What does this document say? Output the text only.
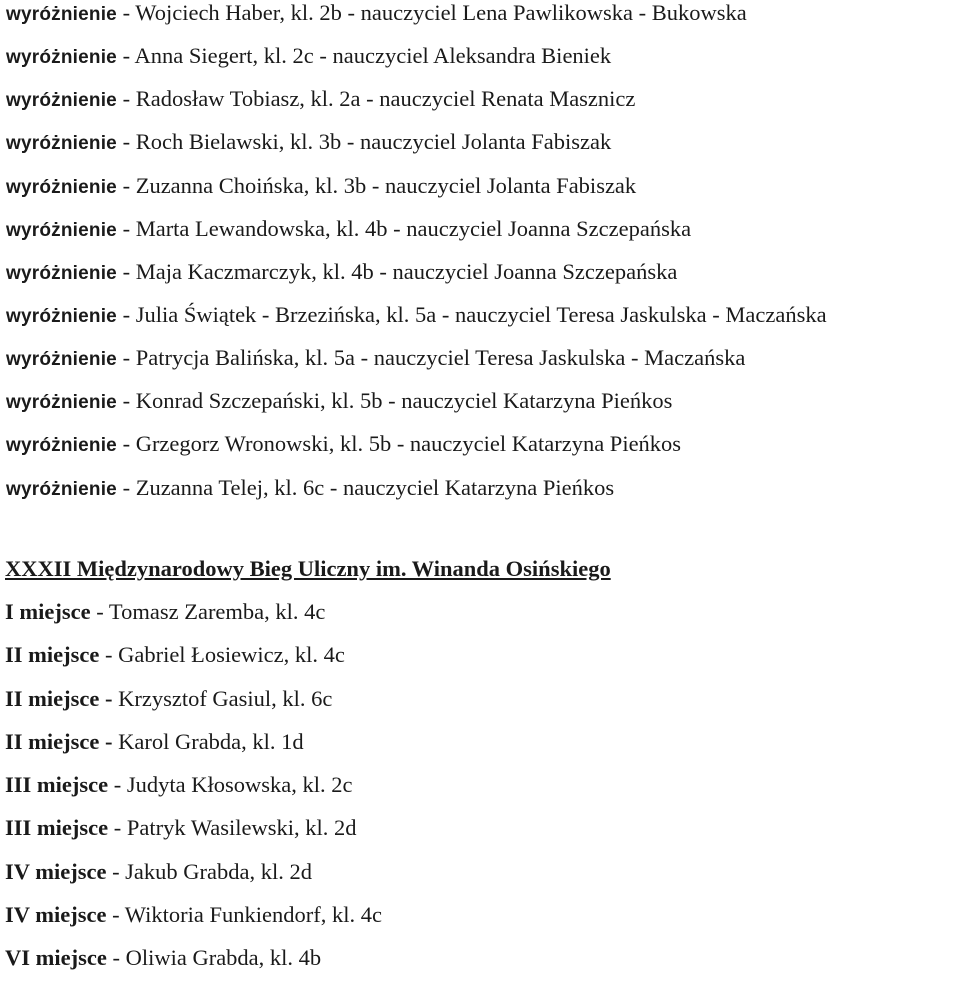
wyróżnienie - Wojciech Haber, kl. 2b - nauczyciel Lena Pawlikowska - Bukowska
wyróżnienie - Anna Siegert, kl. 2c - nauczyciel Aleksandra Bieniek
wyróżnienie - Radosław Tobiasz, kl. 2a - nauczyciel Renata Masznicz
wyróżnienie - Roch Bielawski, kl. 3b - nauczyciel Jolanta Fabiszak
wyróżnienie - Zuzanna Choińska, kl. 3b - nauczyciel Jolanta Fabiszak
wyróżnienie - Marta Lewandowska, kl. 4b - nauczyciel Joanna Szczepańska
wyróżnienie - Maja Kaczmarczyk, kl. 4b - nauczyciel Joanna Szczepańska
wyróżnienie - Julia Świątek - Brzezińska, kl. 5a - nauczyciel Teresa Jaskulska - Maczańska
wyróżnienie - Patrycja Balińska, kl. 5a - nauczyciel Teresa Jaskulska - Maczańska
wyróżnienie - Konrad Szczepański, kl. 5b - nauczyciel Katarzyna Pieńkos
wyróżnienie - Grzegorz Wronowski, kl. 5b - nauczyciel Katarzyna Pieńkos
wyróżnienie - Zuzanna Telej, kl. 6c - nauczyciel Katarzyna Pieńkos
XXXII Międzynarodowy Bieg Uliczny im. Winanda Osińskiego
I miejsce - Tomasz Zaremba, kl. 4c
II miejsce - Gabriel Łosiewicz, kl. 4c
II miejsce - Krzysztof Gasiul, kl. 6c
II miejsce - Karol Grabda, kl. 1d
III miejsce - Judyta Kłosowska, kl. 2c
III miejsce - Patryk Wasilewski, kl. 2d
IV miejsce - Jakub Grabda, kl. 2d
IV miejsce - Wiktoria Funkiendorf, kl. 4c
VI miejsce - Oliwia Grabda, kl. 4b
